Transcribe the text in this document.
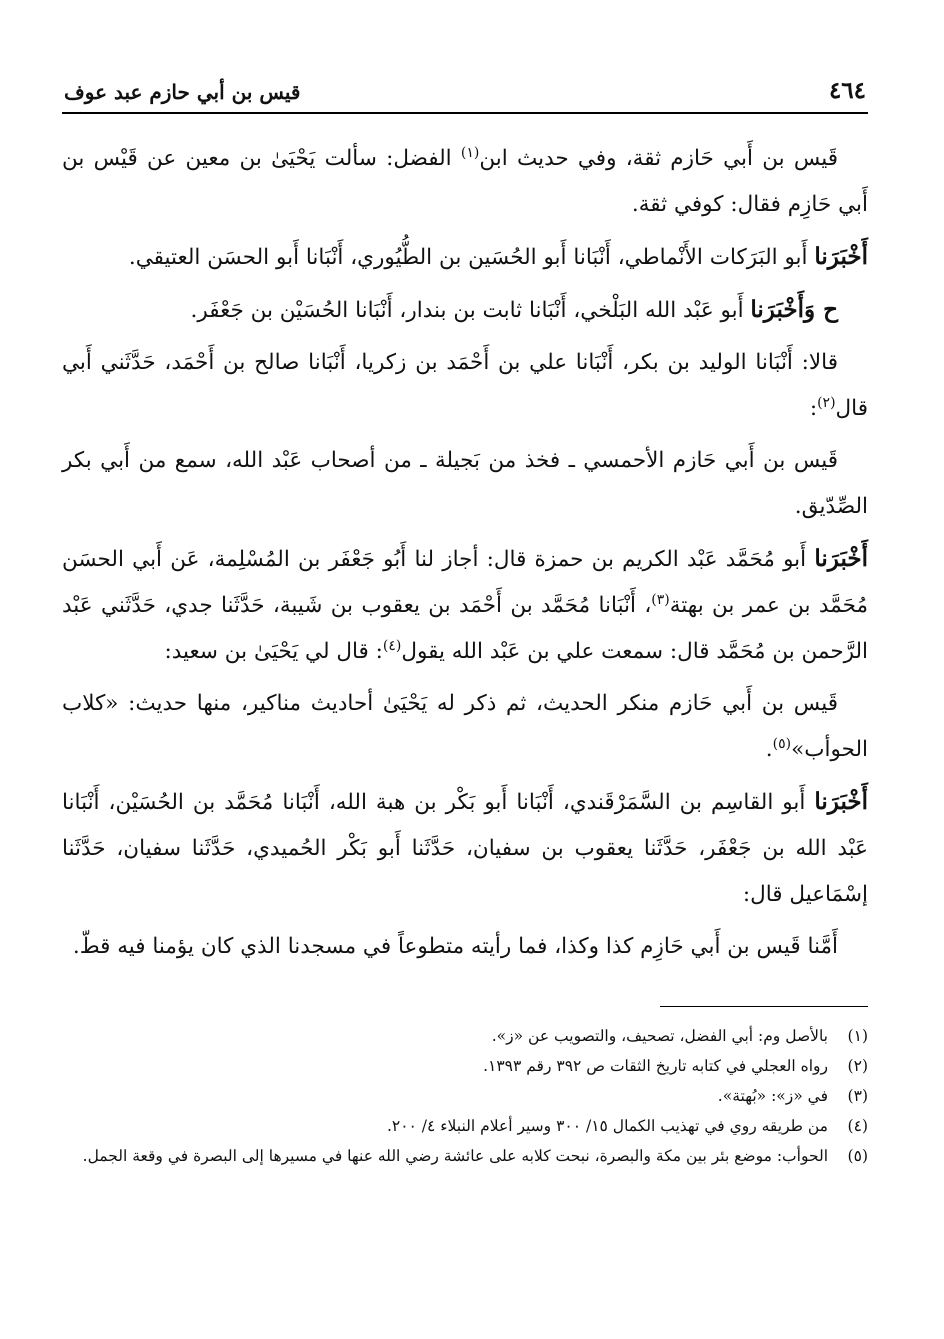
٤٦٤
قيس بن أبي حازم عبد عوف

قَيس بن أَبي حَازم ثقة، وفي حديث ابن$^{(١)}$ الفضل: سألت يَحْيَىٰ بن معين عن قَيْس بن أَبي حَازِم فقال: كوفي ثقة.

أَخْبَرَنا أَبو البَرَكات الأَنْماطي، أَنْبَانا أَبو الحُسَين بن الطُّيُوري، أَنْبَانا أَبو الحسَن العتيقي.

ح وَأَخْبَرَنا أَبو عَبْد الله البَلْخي، أَنْبَانا ثابت بن بندار، أَنْبَانا الحُسَيْن بن جَعْفَر.

قالا: أَنْبَانا الوليد بن بكر، أَنْبَانا علي بن أَحْمَد بن زكريا، أَنْبَانا صالح بن أَحْمَد، حَدَّثَني أَبي قال$^{(٢)}$:

قَيس بن أَبي حَازم الأحمسي ـ فخذ من بَجيلة ـ من أصحاب عَبْد الله، سمع من أَبي بكر الصِّدّيق.

أَخْبَرَنا أَبو مُحَمَّد عَبْد الكريم بن حمزة قال: أجاز لنا أَبُو جَعْفَر بن المُسْلِمة، عَن أَبي الحسَن مُحَمَّد بن عمر بن بهتة$^{(٣)}$، أَنْبَانا مُحَمَّد بن أَحْمَد بن يعقوب بن شَيبة، حَدَّثَنا جدي، حَدَّثَني عَبْد الرَّحمن بن مُحَمَّد قال: سمعت علي بن عَبْد الله يقول$^{(٤)}$: قال لي يَحْيَىٰ بن سعيد:

قَيس بن أَبي حَازم منكر الحديث، ثم ذكر له يَحْيَىٰ أحاديث مناكير، منها حديث: «كلاب الحوأب»$^{(٥)}$.

أَخْبَرَنا أَبو القاسِم بن السَّمَرْقَندي، أَنْبَانا أَبو بَكْر بن هبة الله، أَنْبَانا مُحَمَّد بن الحُسَيْن، أَنْبَانا عَبْد الله بن جَعْفَر، حَدَّثَنا يعقوب بن سفيان، حَدَّثَنا أَبو بَكْر الحُميدي، حَدَّثَنا سفيان، حَدَّثَنا إسْمَاعيل قال:

أَمَّنا قَيس بن أَبي حَازِم كذا وكذا، فما رأيته متطوعاً في مسجدنا الذي كان يؤمنا فيه قطّ.

(١)
بالأصل وم: أبي الفضل، تصحيف، والتصويب عن «ز».
(٢)
رواه العجلي في كتابه تاريخ الثقات ص ٣٩٢ رقم ١٣٩٣.
(٣)
في «ز»: «بُهتة».
(٤)
من طريقه روي في تهذيب الكمال ١٥/ ٣٠٠ وسير أعلام النبلاء ٤/ ٢٠٠.
(٥)
الحوأب: موضع بئر بين مكة والبصرة، نبحت كلابه على عائشة رضي الله عنها في مسيرها إلى البصرة في وقعة الجمل.
